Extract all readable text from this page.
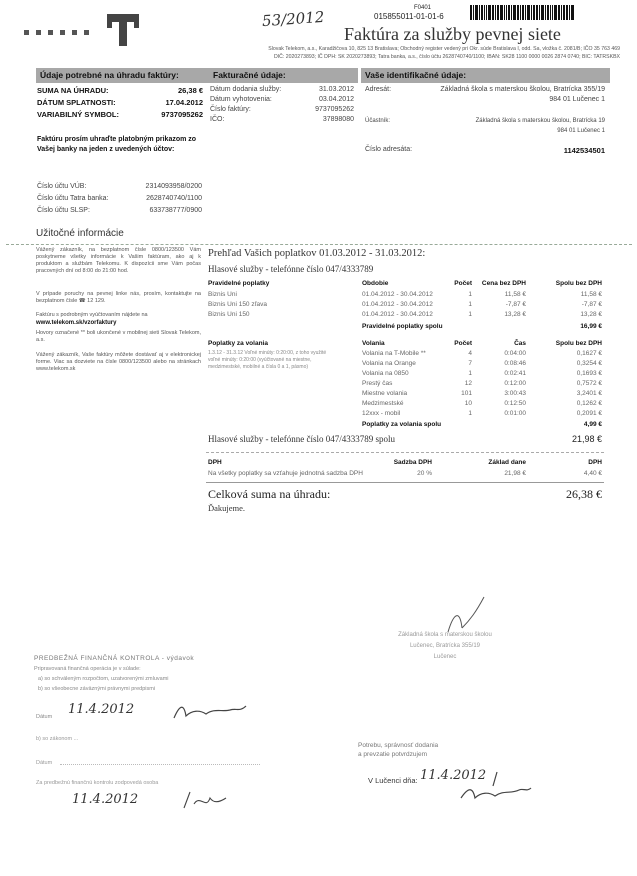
53/2012	F0401
015855011-01-01-6
Faktúra za služby pevnej siete
Slovak Telekom, a.s., Karadžičova 10, 825 13 Bratislava; Obchodný register vedený pri Okr. súde Bratislava I, odd. Sa, vložka č. 2081/B; IČO 35 763 469
DIČ: 2020273893; IČ DPH: SK 2020273893; Tatra banka, a.s., číslo účtu 2628740740/1100; IBAN: SK28 1100 0000 0026 2874 0740; BIC: TATRSKBX
Údaje potrebné na úhradu faktúry:
SUMA NA ÚHRADU:	26,38 €
DÁTUM SPLATNOSTI:	17.04.2012
VARIABILNÝ SYMBOL:	9737095262
Faktúru prosím uhraďte platobným prikazom zo Vašej banky na jeden z uvedených účtov:
Číslo účtu VÚB:	2314093958/0200
Číslo účtu Tatra banka:	2628740740/1100
Číslo účtu SLSP:	633738777/0900
Fakturačné údaje:
Dátum dodania služby:	31.03.2012
Dátum vyhotovenia:	03.04.2012
Číslo faktúry:	9737095262
IČO:	37898080
Vaše identifikačné údaje:
Adresát:	Základná škola s materskou školou, Bratrícka 355/19
984 01 Lučenec 1
Účastník:	Základná škola s materskou školou, Bratrícka 19
984 01 Lučenec 1
Číslo adresáta:	1142534501
Užitočné informácie
Vážený zákazník, na bezplatnom čísle 0800/123500 Vám poskytneme všetky informácie k Vašim faktúram, ako aj k produktom a službám Telekomu. K dispozícii sme Vám počas pracovných dní od 8:00 do 21:00 hod.
V prípade poruchy na pevnej linke nás, prosím, kontaktujte na bezplatnom čísle ☎ 12 129.
Faktúru s podrobným vyúčtovaním nájdete na
www.telekom.sk/vzorfaktury
Hovory označené ** boli ukončené v mobilnej sieti Slovak Telekom, a.s.
Vážený zákazník, Vaše faktúry môžete dostávať aj v elektronickej forme. Viac sa dozviete na čísle 0800/123500 alebo na stránkach www.telekom.sk
Prehľad Vašich poplatkov 01.03.2012 - 31.03.2012:
Hlasové služby - telefónne číslo 047/4333789
Pravidelné poplatky	Obdobie	Počet Cena bez DPH	Spolu bez DPH
Biznis Uni	01.04.2012 - 30.04.2012	1	11,58 €	11,58 €
Biznis Uni 150 zľava	01.04.2012 - 30.04.2012	1	-7,87 €	-7,87 €
Biznis Uni 150	01.04.2012 - 30.04.2012	1	13,28 €	13,28 €
Pravidelné poplatky spolu	16,99 €
Poplatky za volania	Volania	Počet	Čas	Spolu bez DPH
1.3.12 - 31.3.12 Voľné minúty: 0:20:00, z toho využité voľné minúty: 0:20:00 (vyúčtované na miestne, medzimestské, mobilné a čísla 0 a 1, pásmo)
Volania na T-Mobile **	4	0:04:00	0,1627 €
Volania na Orange	7	0:08:46	0,3254 €
Volania na 0850	1	0:02:41	0,1693 €
Prestý čas	12	0:12:00	0,7572 €
Miestne volania	101	3:00:43	3,2401 €
Medzimestské	10	0:12:50	0,1262 €
12xxx - mobil	1	0:01:00	0,2091 €
Poplatky za volania spolu	4,99 €
Hlasové služby - telefónne číslo 047/4333789 spolu	21,98 €
DPH	Sadzba DPH	Základ dane	DPH
Na všetky poplatky sa vzťahuje jednotná sadzba DPH	20 %	21,98 €	4,40 €
Celková suma na úhradu:	26,38 €
Ďakujeme.
Základná škola s materskou školou
Lučenec, Bratrícka 355/19
Lučenec
PREDBEŽNÁ FINANČNÁ KONTROLA - výdavok
Pripravovaná finančná operácia je v súlade:
a) so schváleným rozpočtom, uzatvorenými zmluvami
b) so všeobecne záväznými právnymi predpismi
Dátum 11.4.2012
b) so zákonom ...
Dátum
Za predbežnú finančnú kontrolu zodpovedá osoba
11.4.2012
Potrebu, správnosť dodania
a prevzatie potvrdzujem
V Lučenci dňa: 11.4.2012
